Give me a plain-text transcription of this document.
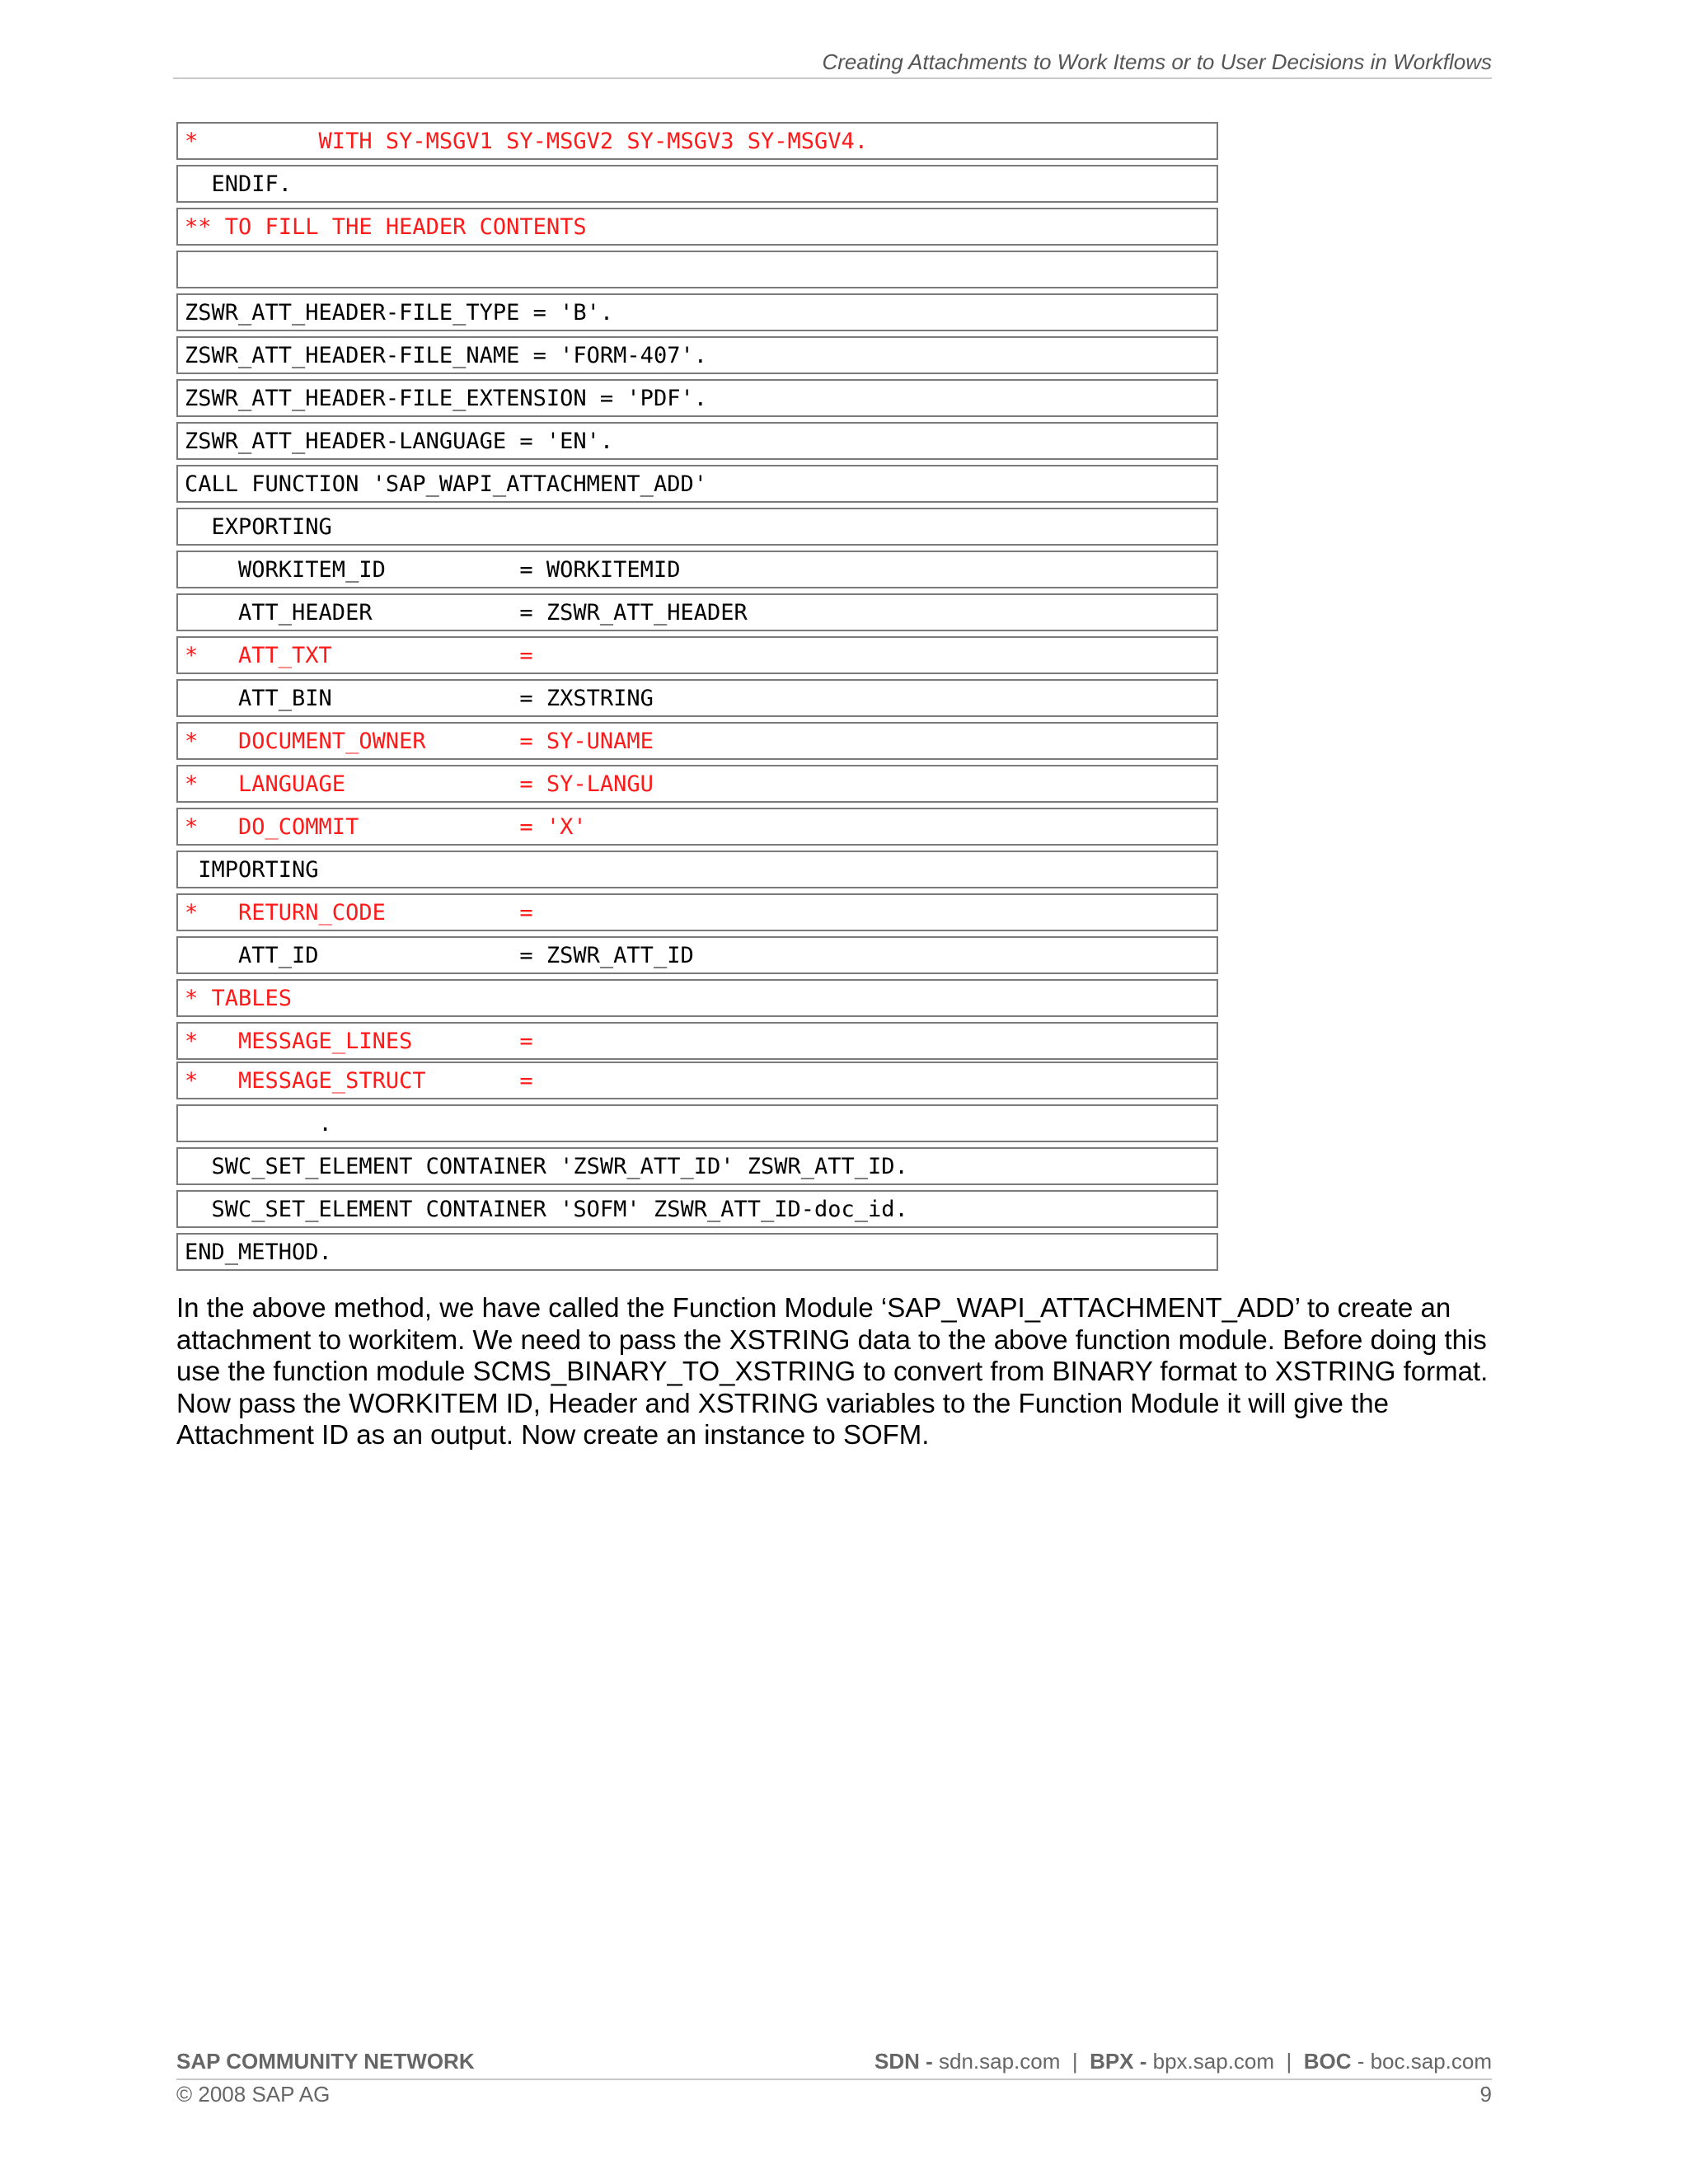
Creating Attachments to Work Items or to User Decisions in Workflows
*         WITH SY-MSGV1 SY-MSGV2 SY-MSGV3 SY-MSGV4.
ENDIF.
** TO FILL THE HEADER CONTENTS
ZSWR_ATT_HEADER-FILE_TYPE = 'B'.
ZSWR_ATT_HEADER-FILE_NAME = 'FORM-407'.
ZSWR_ATT_HEADER-FILE_EXTENSION = 'PDF'.
ZSWR_ATT_HEADER-LANGUAGE = 'EN'.
CALL FUNCTION 'SAP_WAPI_ATTACHMENT_ADD'
EXPORTING
WORKITEM_ID          = WORKITEMID
ATT_HEADER           = ZSWR_ATT_HEADER
*   ATT_TXT              =
ATT_BIN              = ZXSTRING
*   DOCUMENT_OWNER       = SY-UNAME
*   LANGUAGE             = SY-LANGU
*   DO_COMMIT            = 'X'
IMPORTING
*   RETURN_CODE          =
ATT_ID               = ZSWR_ATT_ID
* TABLES
*   MESSAGE_LINES        =
*   MESSAGE_STRUCT       =
.
SWC_SET_ELEMENT CONTAINER 'ZSWR_ATT_ID' ZSWR_ATT_ID.
SWC_SET_ELEMENT CONTAINER 'SOFM' ZSWR_ATT_ID-doc_id.
END_METHOD.
In the above method, we have called the Function Module ‘SAP_WAPI_ATTACHMENT_ADD’ to create an attachment to workitem. We need to pass the XSTRING data to the above function module. Before doing this use the function module SCMS_BINARY_TO_XSTRING to convert from BINARY format to XSTRING format. Now pass the WORKITEM ID, Header and XSTRING variables to the Function Module it will give the Attachment ID as an output. Now create an instance to SOFM.
SAP COMMUNITY NETWORK	SDN - sdn.sap.com  |  BPX - bpx.sap.com  |  BOC - boc.sap.com
© 2008 SAP AG	9
